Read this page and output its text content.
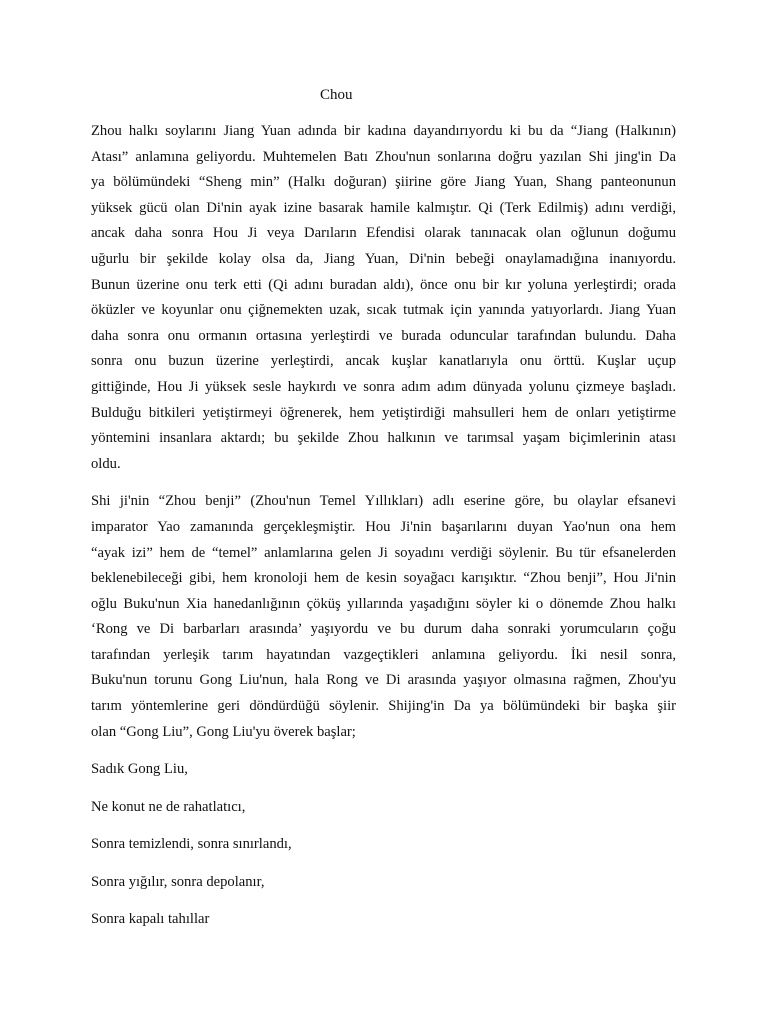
Chou
Zhou halkı soylarını Jiang Yuan adında bir kadına dayandırıyordu ki bu da “Jiang (Halkının)
Atası” anlamına geliyordu. Muhtemelen Batı Zhou'nun sonlarına doğru yazılan Shi jing'in Da
ya bölümündeki “Sheng min” (Halkı doğuran) şiirine göre Jiang Yuan, Shang panteonunun
yüksek gücü olan Di'nin ayak izine basarak hamile kalmıştır. Qi (Terk Edilmiş) adını verdiği,
ancak daha sonra Hou Ji veya Darıların Efendisi olarak tanınacak olan oğlunun doğumu
uğurlu bir şekilde kolay olsa da, Jiang Yuan, Di'nin bebeği onaylamadığına inanıyordu.
Bunun üzerine onu terk etti (Qi adını buradan aldı), önce onu bir kır yoluna yerleştirdi; orada
öküzler ve koyunlar onu çiğnemekten uzak, sıcak tutmak için yanında yatıyorlardı. Jiang Yuan
daha sonra onu ormanın ortasına yerleştirdi ve burada oduncular tarafından bulundu. Daha
sonra onu buzun üzerine yerleştirdi, ancak kuşlar kanatlarıyla onu örttü. Kuşlar uçup
gittiğinde, Hou Ji yüksek sesle haykırdı ve sonra adım adım dünyada yolunu çizmeye başladı.
Bulduğu bitkileri yetiştirmeyi öğrenerek, hem yetiştirdiği mahsulleri hem de onları yetiştirme
yöntemini insanlara aktardı; bu şekilde Zhou halkının ve tarımsal yaşam biçimlerinin atası
oldu.
Shi ji'nin “Zhou benji” (Zhou'nun Temel Yıllıkları) adlı eserine göre, bu olaylar efsanevi
imparator Yao zamanında gerçekleşmiştir. Hou Ji'nin başarılarını duyan Yao'nun ona hem
“ayak izi” hem de “temel” anlamlarına gelen Ji soyadını verdiği söylenir. Bu tür efsanelerden
beklenebileceği gibi, hem kronoloji hem de kesin soyağacı karışıktır. “Zhou benji”, Hou Ji'nin
oğlu Buku'nun Xia hanedanlığının çöküş yıllarında yaşadığını söyler ki o dönemde Zhou halkı
‘Rong ve Di barbarları arasında’ yaşıyordu ve bu durum daha sonraki yorumcuların çoğu
tarafından yerleşik tarım hayatından vazgeçtikleri anlamına geliyordu. İki nesil sonra,
Buku'nun torunu Gong Liu'nun, hala Rong ve Di arasında yaşıyor olmasına rağmen, Zhou'yu
tarım yöntemlerine geri döndürdüğü söylenir. Shijing'in Da ya bölümündeki bir başka şiir
olan “Gong Liu”, Gong Liu'yu överek başlar;
Sadık Gong Liu,
Ne konut ne de rahatlatıcı,
Sonra temizlendi, sonra sınırlandı,
Sonra yığılır, sonra depolanır,
Sonra kapalı tahıllar
